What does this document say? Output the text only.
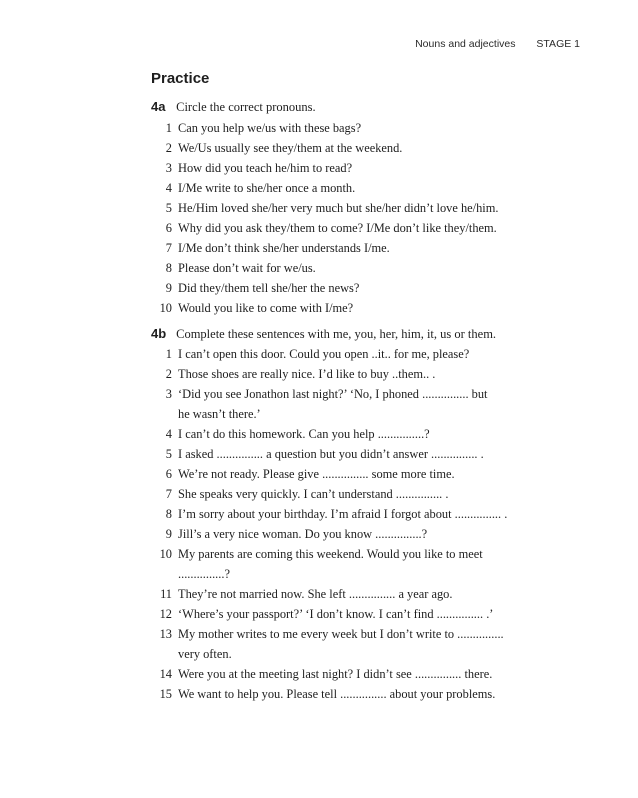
Nouns and adjectives STAGE 1
Practice
4a Circle the correct pronouns.
1 Can you help we/us with these bags?
2 We/Us usually see they/them at the weekend.
3 How did you teach he/him to read?
4 I/Me write to she/her once a month.
5 He/Him loved she/her very much but she/her didn’t love he/him.
6 Why did you ask they/them to come? I/Me don’t like they/them.
7 I/Me don’t think she/her understands I/me.
8 Please don’t wait for we/us.
9 Did they/them tell she/her the news?
10 Would you like to come with I/me?
4b Complete these sentences with me, you, her, him, it, us or them.
1 I can’t open this door. Could you open ..it.. for me, please?
2 Those shoes are really nice. I’d like to buy ..them.. .
3 ‘Did you see Jonathon last night?’ ‘No, I phoned ............... but
he wasn’t there.’
4 I can’t do this homework. Can you help ...............?
5 I asked ............... a question but you didn’t answer ............... .
6 We’re not ready. Please give ............... some more time.
7 She speaks very quickly. I can’t understand ............... .
8 I’m sorry about your birthday. I’m afraid I forgot about ............... .
9 Jill’s a very nice woman. Do you know ...............?
10 My parents are coming this weekend. Would you like to meet
...............?
11 They’re not married now. She left ............... a year ago.
12 ‘Where’s your passport?’ ‘I don’t know. I can’t find ............... .’
13 My mother writes to me every week but I don’t write to ...............
very often.
14 Were you at the meeting last night? I didn’t see ............... there.
15 We want to help you. Please tell ............... about your problems.
